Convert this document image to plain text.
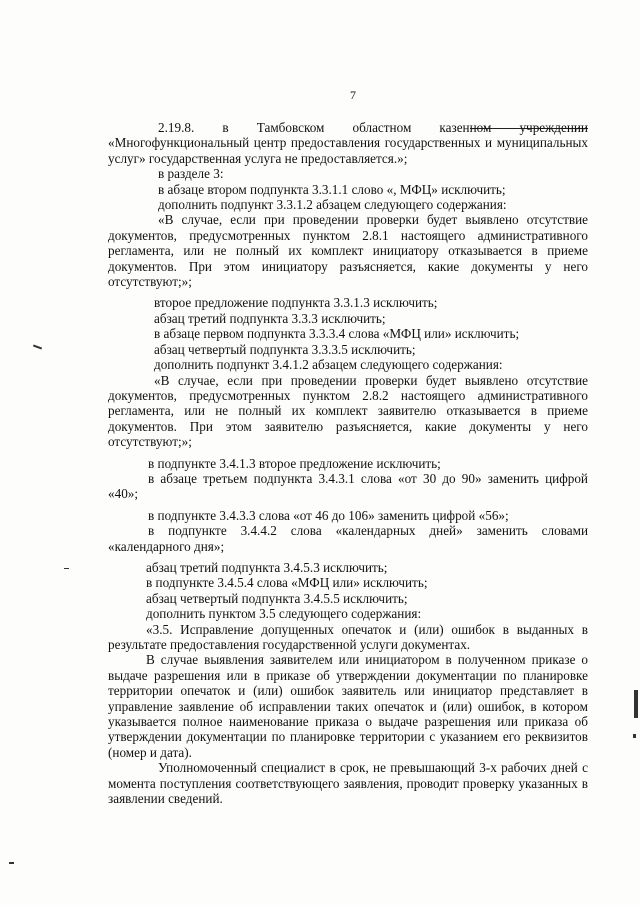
7

2.19.8. в Тамбовском областном казенном учреждении «Многофункциональный центр предоставления государственных и муниципальных услуг» государственная услуга не предоставляется.»;

в разделе 3:

в абзаце втором подпункта 3.3.1.1 слово «, МФЦ» исключить;

дополнить подпункт 3.3.1.2 абзацем следующего содержания:

«В случае, если при проведении проверки будет выявлено отсутствие документов, предусмотренных пунктом 2.8.1 настоящего административного регламента, или не полный их комплект инициатору отказывается в приеме документов. При этом инициатору разъясняется, какие документы у него отсутствуют;»;

второе предложение подпункта 3.3.1.3 исключить;

абзац третий подпункта 3.3.3 исключить;

в абзаце первом подпункта 3.3.3.4 слова «МФЦ или» исключить;

абзац четвертый подпункта 3.3.3.5 исключить;

дополнить подпункт 3.4.1.2 абзацем следующего содержания:

«В случае, если при проведении проверки будет выявлено отсутствие документов, предусмотренных пунктом 2.8.2 настоящего административного регламента, или не полный их комплект заявителю отказывается в приеме документов. При этом заявителю разъясняется, какие документы у него отсутствуют;»;

в подпункте 3.4.1.3 второе предложение исключить;

в абзаце третьем подпункта 3.4.3.1 слова «от 30 до 90» заменить цифрой «40»;

в подпункте 3.4.3.3 слова «от 46 до 106» заменить цифрой «56»;

в подпункте 3.4.4.2 слова «календарных дней» заменить словами «календарного дня»;

абзац третий подпункта 3.4.5.3 исключить;

в подпункте 3.4.5.4 слова «МФЦ или» исключить;

абзац четвертый подпункта 3.4.5.5 исключить;

дополнить пунктом 3.5 следующего содержания:

«3.5. Исправление допущенных опечаток и (или) ошибок в выданных в результате предоставления государственной услуги документах.

В случае выявления заявителем или инициатором в полученном приказе о выдаче разрешения или в приказе об утверждении документации по планировке территории опечаток и (или) ошибок заявитель или инициатор представляет в управление заявление об исправлении таких опечаток и (или) ошибок, в котором указывается полное наименование приказа о выдаче разрешения или приказа об утверждении документации по планировке территории с указанием его реквизитов (номер и дата).

Уполномоченный специалист в срок, не превышающий 3-х рабочих дней с момента поступления соответствующего заявления, проводит проверку указанных в заявлении сведений.
